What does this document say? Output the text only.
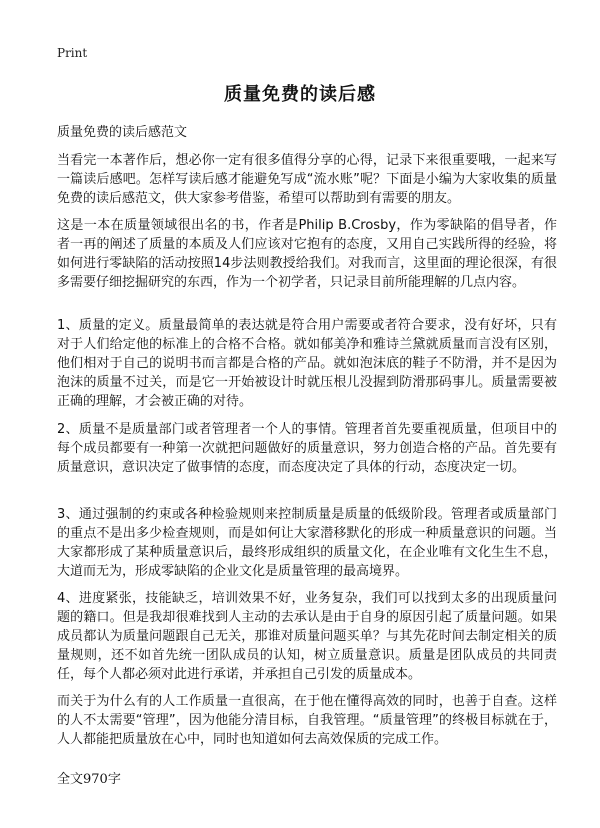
Print
质量免费的读后感

质量免费的读后感范文

当看完一本著作后，想必你一定有很多值得分享的心得，记录下来很重要哦，一起来写一篇读后感吧。怎样写读后感才能避免写成“流水账”呢？下面是小编为大家收集的质量免费的读后感范文，供大家参考借鉴，希望可以帮助到有需要的朋友。

这是一本在质量领域很出名的书，作者是Philip B.Crosby，作为零缺陷的倡导者，作者一再的阐述了质量的本质及人们应该对它抱有的态度，又用自己实践所得的经验，将如何进行零缺陷的活动按照14步法则教授给我们。对我而言，这里面的理论很深，有很多需要仔细挖掘研究的东西，作为一个初学者，只记录目前所能理解的几点内容。

1、质量的定义。质量最简单的表达就是符合用户需要或者符合要求，没有好坏，只有对于人们给定他的标准上的合格不合格。就如郁美净和雅诗兰黛就质量而言没有区别，他们相对于自己的说明书而言都是合格的产品。就如泡沫底的鞋子不防滑，并不是因为泡沫的质量不过关，而是它一开始被设计时就压根儿没握到防滑那码事儿。质量需要被正确的理解，才会被正确的对待。

2、质量不是质量部门或者管理者一个人的事情。管理者首先要重视质量，但项目中的每个成员都要有一种第一次就把问题做好的质量意识，努力创造合格的产品。首先要有质量意识，意识决定了做事情的态度，而态度决定了具体的行动，态度决定一切。

3、通过强制的约束或各种检验规则来控制质量是质量的低级阶段。管理者或质量部门的重点不是出多少检查规则，而是如何让大家潜移默化的形成一种质量意识的问题。当大家都形成了某种质量意识后，最终形成组织的质量文化，在企业唯有文化生生不息，大道而无为，形成零缺陷的企业文化是质量管理的最高境界。

4、进度紧张，技能缺乏，培训效果不好，业务复杂，我们可以找到太多的出现质量问题的籍口。但是我却很难找到人主动的去承认是由于自身的原因引起了质量问题。如果成员都认为质量问题跟自己无关，那谁对质量问题买单？与其先花时间去制定相关的质量规则，还不如首先统一团队成员的认知，树立质量意识。质量是团队成员的共同责任，每个人都必须对此进行承诺，并承担自己引发的质量成本。

而关于为什么有的人工作质量一直很高，在于他在懂得高效的同时，也善于自查。这样的人不太需要“管理”，因为他能分清目标，自我管理。“质量管理”的终极目标就在于，人人都能把质量放在心中，同时也知道如何去高效保质的完成工作。

全文970字
